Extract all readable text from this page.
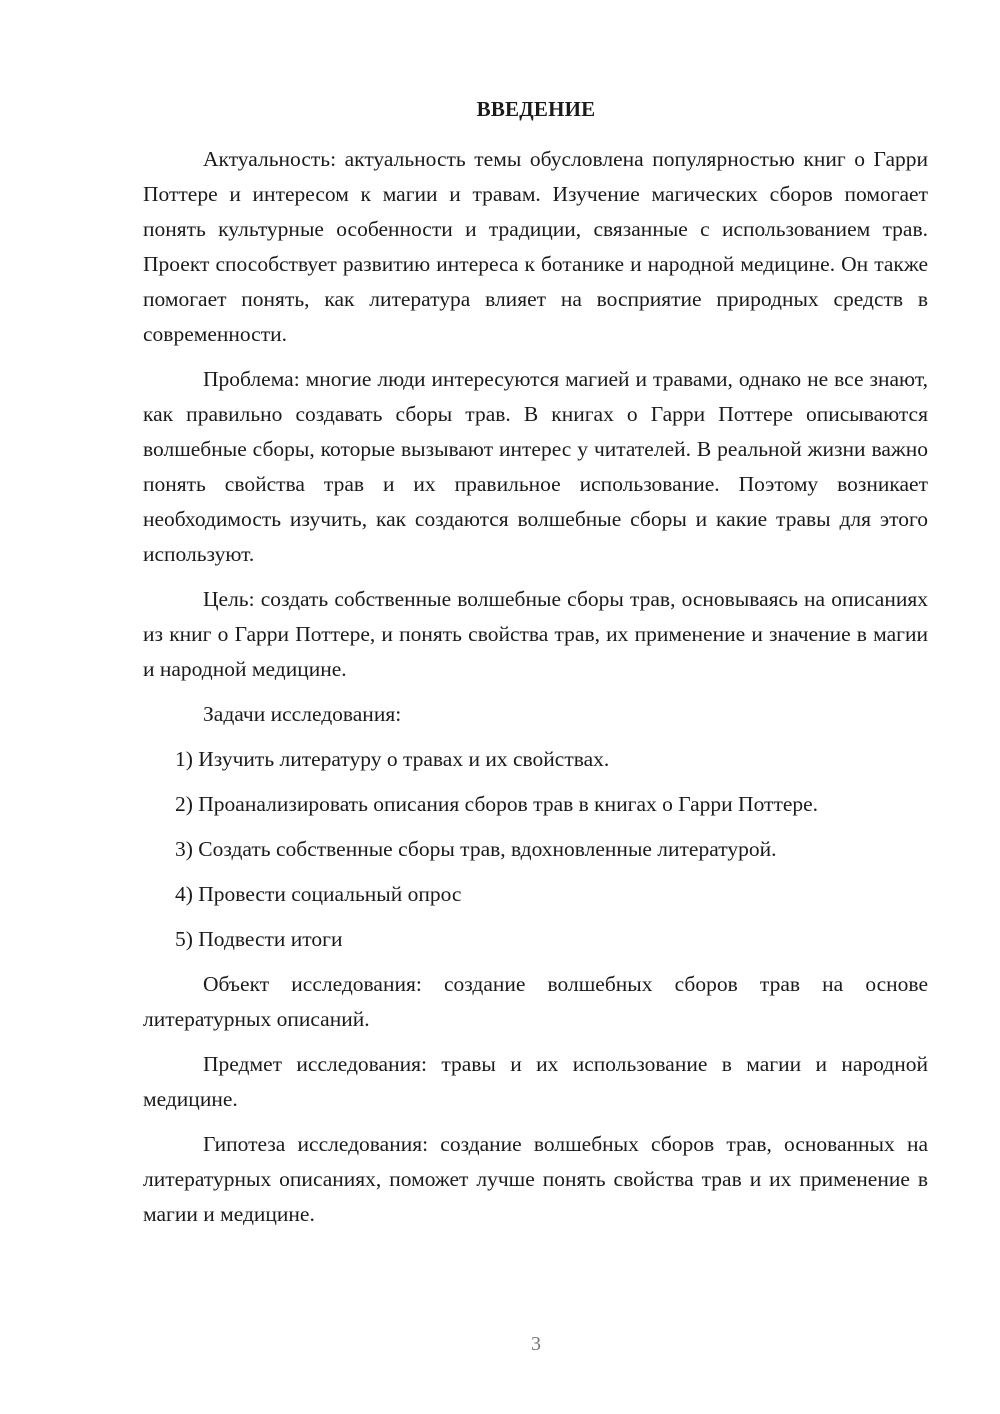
ВВЕДЕНИЕ

Актуальность: актуальность темы обусловлена популярностью книг о Гарри Поттере и интересом к магии и травам. Изучение магических сборов помогает понять культурные особенности и традиции, связанные с использованием трав. Проект способствует развитию интереса к ботанике и народной медицине. Он также помогает понять, как литература влияет на восприятие природных средств в современности.

Проблема: многие люди интересуются магией и травами, однако не все знают, как правильно создавать сборы трав. В книгах о Гарри Поттере описываются волшебные сборы, которые вызывают интерес у читателей. В реальной жизни важно понять свойства трав и их правильное использование. Поэтому возникает необходимость изучить, как создаются волшебные сборы и какие травы для этого используют.

Цель: создать собственные волшебные сборы трав, основываясь на описаниях из книг о Гарри Поттере, и понять свойства трав, их применение и значение в магии и народной медицине.

Задачи исследования:

1) Изучить литературу о травах и их свойствах.
2) Проанализировать описания сборов трав в книгах о Гарри Поттере.
3) Создать собственные сборы трав, вдохновленные литературой.
4) Провести социальный опрос
5) Подвести итоги

Объект исследования: создание волшебных сборов трав на основе литературных описаний.

Предмет исследования: травы и их использование в магии и народной медицине.

Гипотеза исследования: создание волшебных сборов трав, основанных на литературных описаниях, поможет лучше понять свойства трав и их применение в магии и медицине.

3
